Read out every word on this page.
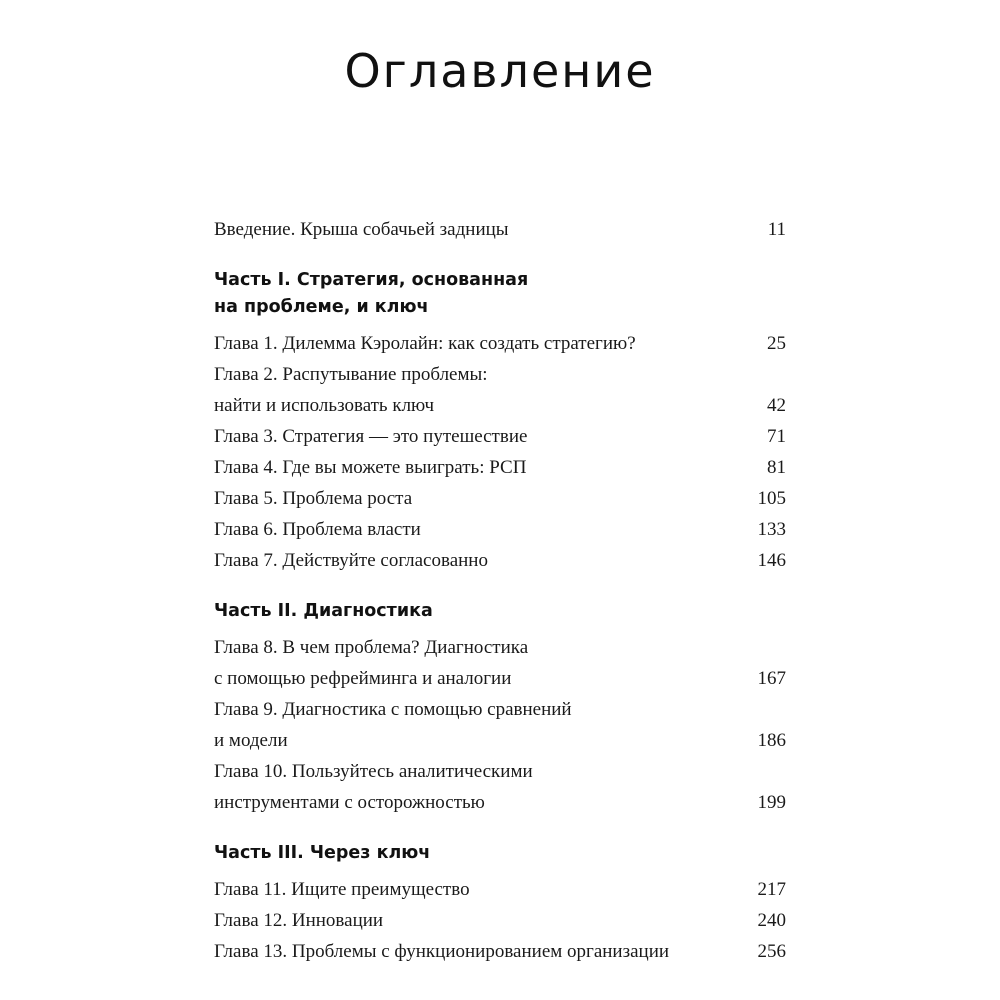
Оглавление
Введение. Крыша собачьей задницы	11
Часть I. Стратегия, основанная
на проблеме, и ключ
Глава 1. Дилемма Кэролайн: как создать стратегию?	25
Глава 2. Распутывание проблемы:
найти и использовать ключ	42
Глава 3. Стратегия — это путешествие	71
Глава 4. Где вы можете выиграть: РСП	81
Глава 5. Проблема роста	105
Глава 6. Проблема власти	133
Глава 7. Действуйте согласованно	146
Часть II. Диагностика
Глава 8. В чем проблема? Диагностика
с помощью рефрейминга и аналогии	167
Глава 9. Диагностика с помощью сравнений
и модели	186
Глава 10. Пользуйтесь аналитическими
инструментами с осторожностью	199
Часть III. Через ключ
Глава 11. Ищите преимущество	217
Глава 12. Инновации	240
Глава 13. Проблемы с функционированием организации	256
